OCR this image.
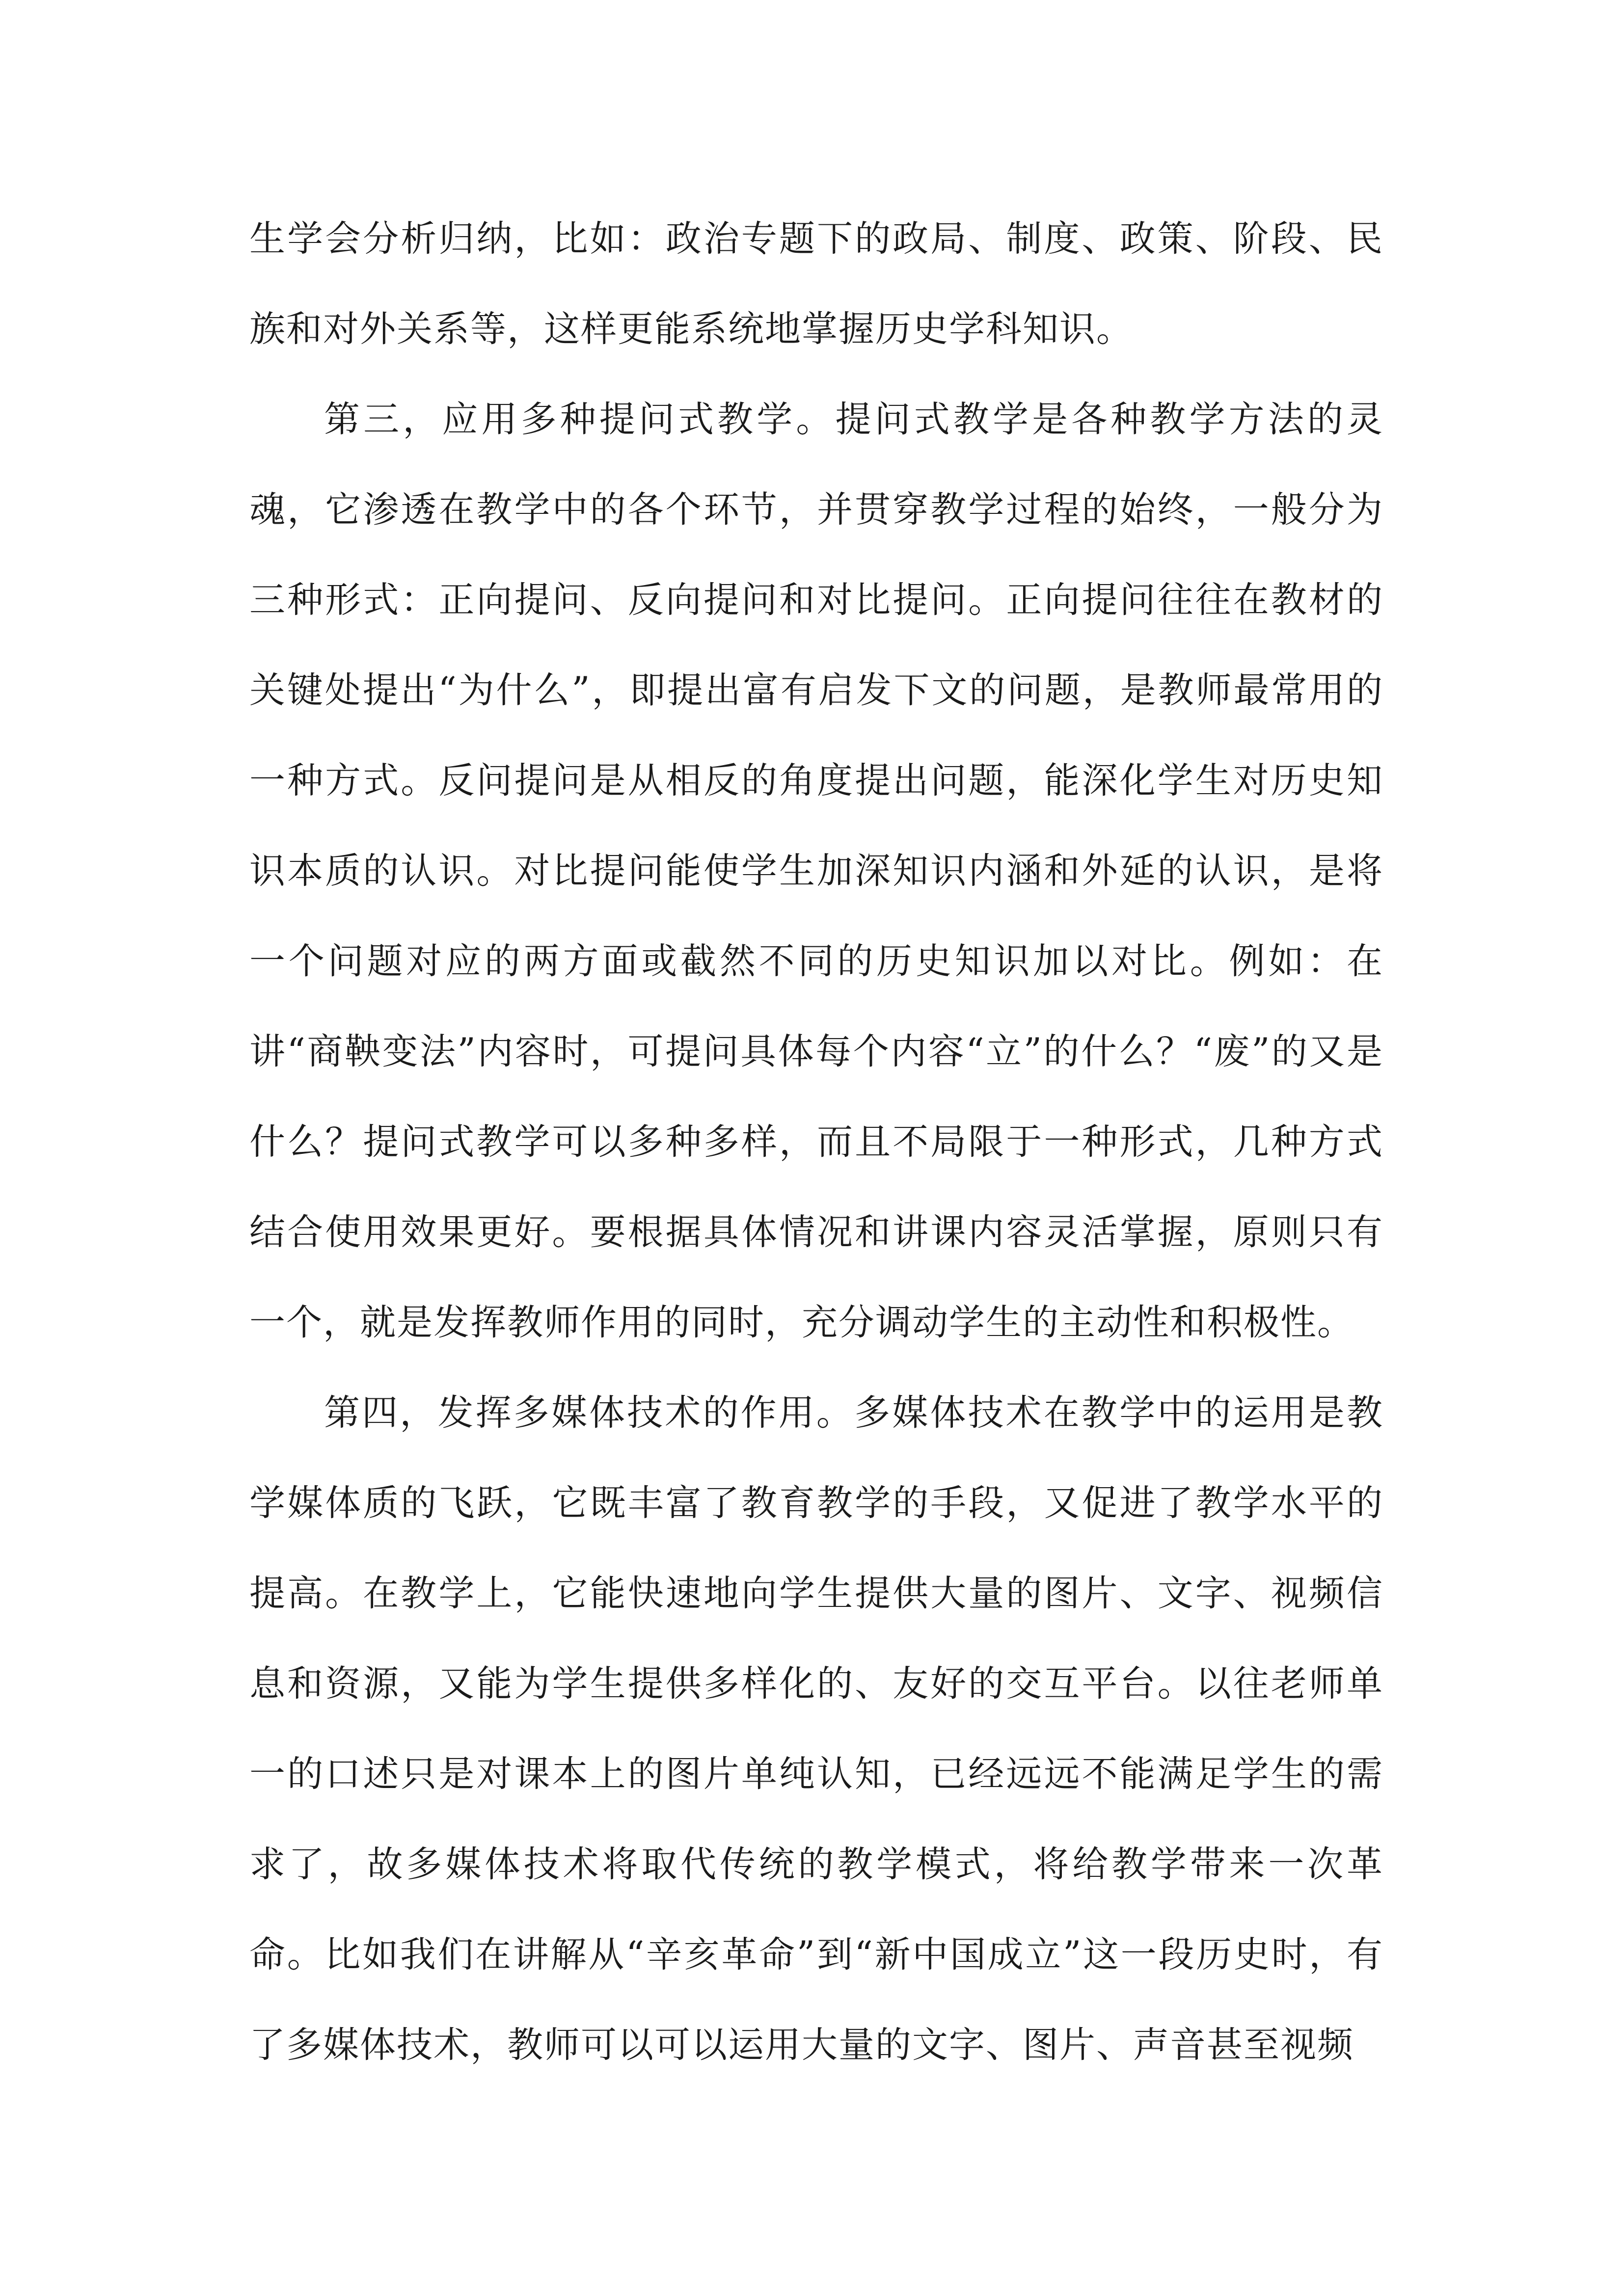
生学会分析归纳，比如：政治专题下的政局、制度、政策、阶段、民族和对外关系等，这样更能系统地掌握历史学科知识。

第三，应用多种提问式教学。提问式教学是各种教学方法的灵魂，它渗透在教学中的各个环节，并贯穿教学过程的始终，一般分为三种形式：正向提问、反向提问和对比提问。正向提问往往在教材的关键处提出“为什么”，即提出富有启发下文的问题，是教师最常用的一种方式。反问提问是从相反的角度提出问题，能深化学生对历史知识本质的认识。对比提问能使学生加深知识内涵和外延的认识，是将一个问题对应的两方面或截然不同的历史知识加以对比。例如：在讲“商鞅变法”内容时，可提问具体每个内容“立”的什么？“废”的又是什么？提问式教学可以多种多样，而且不局限于一种形式，几种方式结合使用效果更好。要根据具体情况和讲课内容灵活掌握，原则只有一个，就是发挥教师作用的同时，充分调动学生的主动性和积极性。

第四，发挥多媒体技术的作用。多媒体技术在教学中的运用是教学媒体质的飞跃，它既丰富了教育教学的手段，又促进了教学水平的提高。在教学上，它能快速地向学生提供大量的图片、文字、视频信息和资源，又能为学生提供多样化的、友好的交互平台。以往老师单一的口述只是对课本上的图片单纯认知，已经远远不能满足学生的需求了，故多媒体技术将取代传统的教学模式，将给教学带来一次革命。比如我们在讲解从“辛亥革命”到“新中国成立”这一段历史时，有了多媒体技术，教师可以可以运用大量的文字、图片、声音甚至视频
